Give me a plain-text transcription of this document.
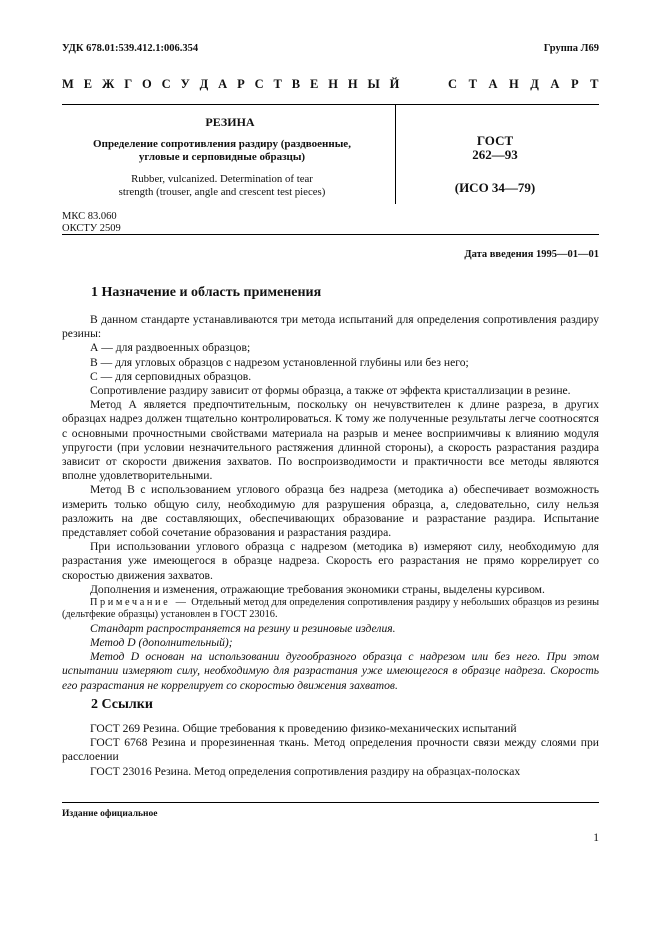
УДК 678.01:539.412.1:006.354	Группа Л69
М Е Ж Г О С У Д А Р С Т В Е Н Н Ы Й	С Т А Н Д А Р Т
РЕЗИНА
Определение сопротивления раздиру (раздвоенные,
угловые и серповидные образцы)
Rubber, vulcanized. Determination of tear
strength (trouser, angle and crescent test pieces)
ГОСТ
262—93
(ИСО 34—79)
МКС 83.060
ОКСТУ 2509
Дата введения 1995—01—01
1 Назначение и область применения

В данном стандарте устанавливаются три метода испытаний для определения сопротивления раздиру резины:

А — для раздвоенных образцов;

В — для угловых образцов с надрезом установленной глубины или без него;

С — для серповидных образцов.

Сопротивление раздиру зависит от формы образца, а также от эффекта кристаллизации в резине.

Метод А является предпочтительным, поскольку он нечувствителен к длине разреза, в других образцах надрез должен тщательно контролироваться. К тому же полученные результаты легче соотносятся с основными прочностными свойствами материала на разрыв и менее восприимчивы к влиянию модуля упругости (при условии незначительного растяжения длинной стороны), а скорость разрастания раздира зависит от скорости движения захватов. По воспроизводимости и практичности все методы являются вполне удовлетворительными.

Метод В с использованием углового образца без надреза (методика а) обеспечивает возможность измерить только общую силу, необходимую для разрушения образца, а, следовательно, силу нельзя разложить на две составляющих, обеспечивающих образование и разрастание раздира. Испытание представляет собой сочетание образования и разрастания раздира.

При использовании углового образца с надрезом (методика в) измеряют силу, необходимую для разрастания уже имеющегося в образце надреза. Скорость его разрастания не прямо коррелирует со скоростью движения захватов.

Дополнения и изменения, отражающие требования экономики страны, выделены курсивом.

Примечание — Отдельный метод для определения сопротивления раздиру у небольших образцов из резины (дельтфекие образцы) установлен в ГОСТ 23016.

Стандарт распространяется на резину и резиновые изделия.

Метод D (дополнительный);

Метод D основан на использовании дугообразного образца с надрезом или без него. При этом испытании измеряют силу, необходимую для разрастания уже имеющегося в образце надреза. Скорость его разрастания не коррелирует со скоростью движения захватов.

2 Ссылки

ГОСТ 269 Резина. Общие требования к проведению физико-механических испытаний

ГОСТ 6768 Резина и прорезиненная ткань. Метод определения прочности связи между слоями при расслоении

ГОСТ 23016 Резина. Метод определения сопротивления раздиру на образцах-полосках

Издание официальное
1
